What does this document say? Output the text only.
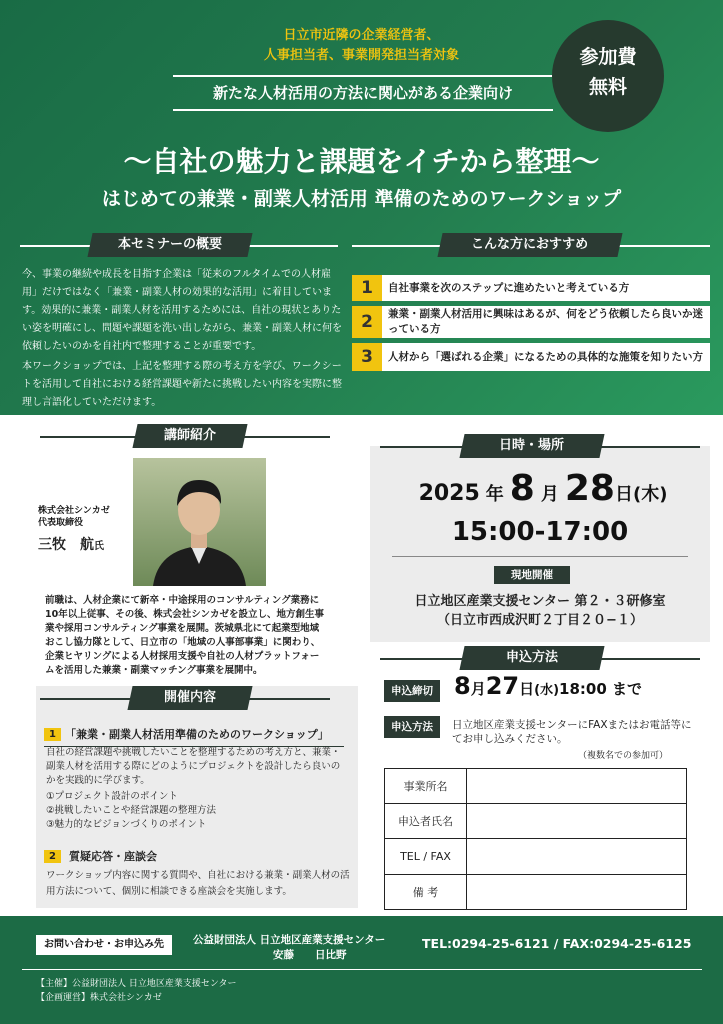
日立市近隣の企業経営者、
人事担当者、事業開発担当者対象
新たな人材活用の方法に関心がある企業向け
参加費
無料
〜自社の魅力と課題をイチから整理〜
はじめての兼業・副業人材活用 準備のためのワークショップ
本セミナーの概要
今、事業の継続や成長を目指す企業は「従来のフルタイムでの人材雇用」だけではなく「兼業・副業人材の効果的な活用」に着目しています。効果的に兼業・副業人材を活用するためには、自社の現状とありたい姿を明確にし、問題や課題を洗い出しながら、兼業・副業人材に何を依頼したいのかを自社内で整理することが重要です。
本ワークショップでは、上記を整理する際の考え方を学び、ワークシートを活用して自社における経営課題や新たに挑戦したい内容を実際に整理し言語化していただけます。
こんな方におすすめ
1	自社事業を次のステップに進めたいと考えている方
2	兼業・副業人材活用に興味はあるが、何をどう依頼したら良いか迷っている方
3	人材から「選ばれる企業」になるための具体的な施策を知りたい方
講師紹介
株式会社シンカゼ
代表取締役
三牧　航氏
前職は、人材企業にて新卒・中途採用のコンサルティング業務に10年以上従事、その後、株式会社シンカゼを設立し、地方創生事業や採用コンサルティング事業を展開。茨城県北にて起業型地域おこし協力隊として、日立市の「地域の人事部事業」に関わり、企業ヒヤリングによる人材採用支援や自社の人材プラットフォームを活用した兼業・副業マッチング事業を展開中。
開催内容
1 「兼業・副業人材活用準備のためのワークショップ」
自社の経営課題や挑戦したいことを整理するための考え方と、兼業・副業人材を活用する際にどのようにプロジェクトを設計したら良いのかを実践的に学びます。
①プロジェクト設計のポイント
②挑戦したいことや経営課題の整理方法
③魅力的なビジョンづくりのポイント
2	質疑応答・座談会
ワークショップ内容に関する質問や、自社における兼業・副業人材の活用方法について、個別に相談できる座談会を実施します。
日時・場所
2025 年 8 月 28日(木)
15:00-17:00
現地開催
日立地区産業支援センター 第２・３研修室
（日立市西成沢町２丁目２０−１）
申込方法
申込締切 8月27日(水)18:00 まで
申込方法	日立地区産業支援センターにFAXまたはお電話等にてお申し込みください。
（複数名での参加可）
事業所名
申込者氏名
TEL / FAX
備 考
お問い合わせ・お申込み先	公益財団法人 日立地区産業支援センター
安藤　　日比野
TEL:0294-25-6121 / FAX:0294-25-6125
【主催】公益財団法人 日立地区産業支援センター
【企画運営】株式会社シンカゼ
